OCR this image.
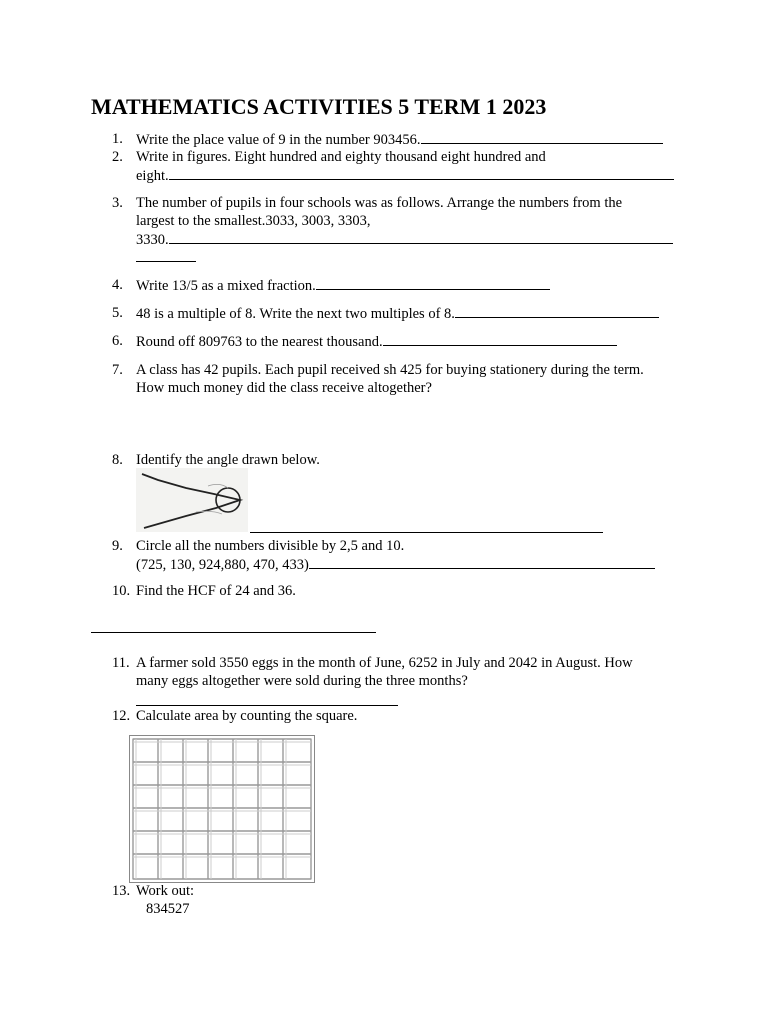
MATHEMATICS ACTIVITIES 5 TERM 1 2023
1. Write the place value of 9 in the number 903456.
2. Write in figures. Eight hundred and eighty thousand eight hundred and
eight.
3. The number of pupils in four schools was as follows. Arrange the numbers from the
largest to the smallest.3033, 3003, 3303,
3330.
4. Write 13/5 as a mixed fraction.
5. 48 is a multiple of 8. Write the next two multiples of 8.
6. Round off 809763 to the nearest thousand.
7. A class has 42 pupils. Each pupil received sh 425 for buying stationery during the term.
How much money did the class receive altogether?
8. Identify the angle drawn below.
9. Circle all the numbers divisible by 2,5 and 10.
(725, 130, 924,880, 470, 433)
10. Find the HCF of 24 and 36.
11. A farmer sold 3550 eggs in the month of June, 6252 in July and 2042 in August. How
many eggs altogether were sold during the three months?
12. Calculate area by counting the square.
13. Work out:
834527
